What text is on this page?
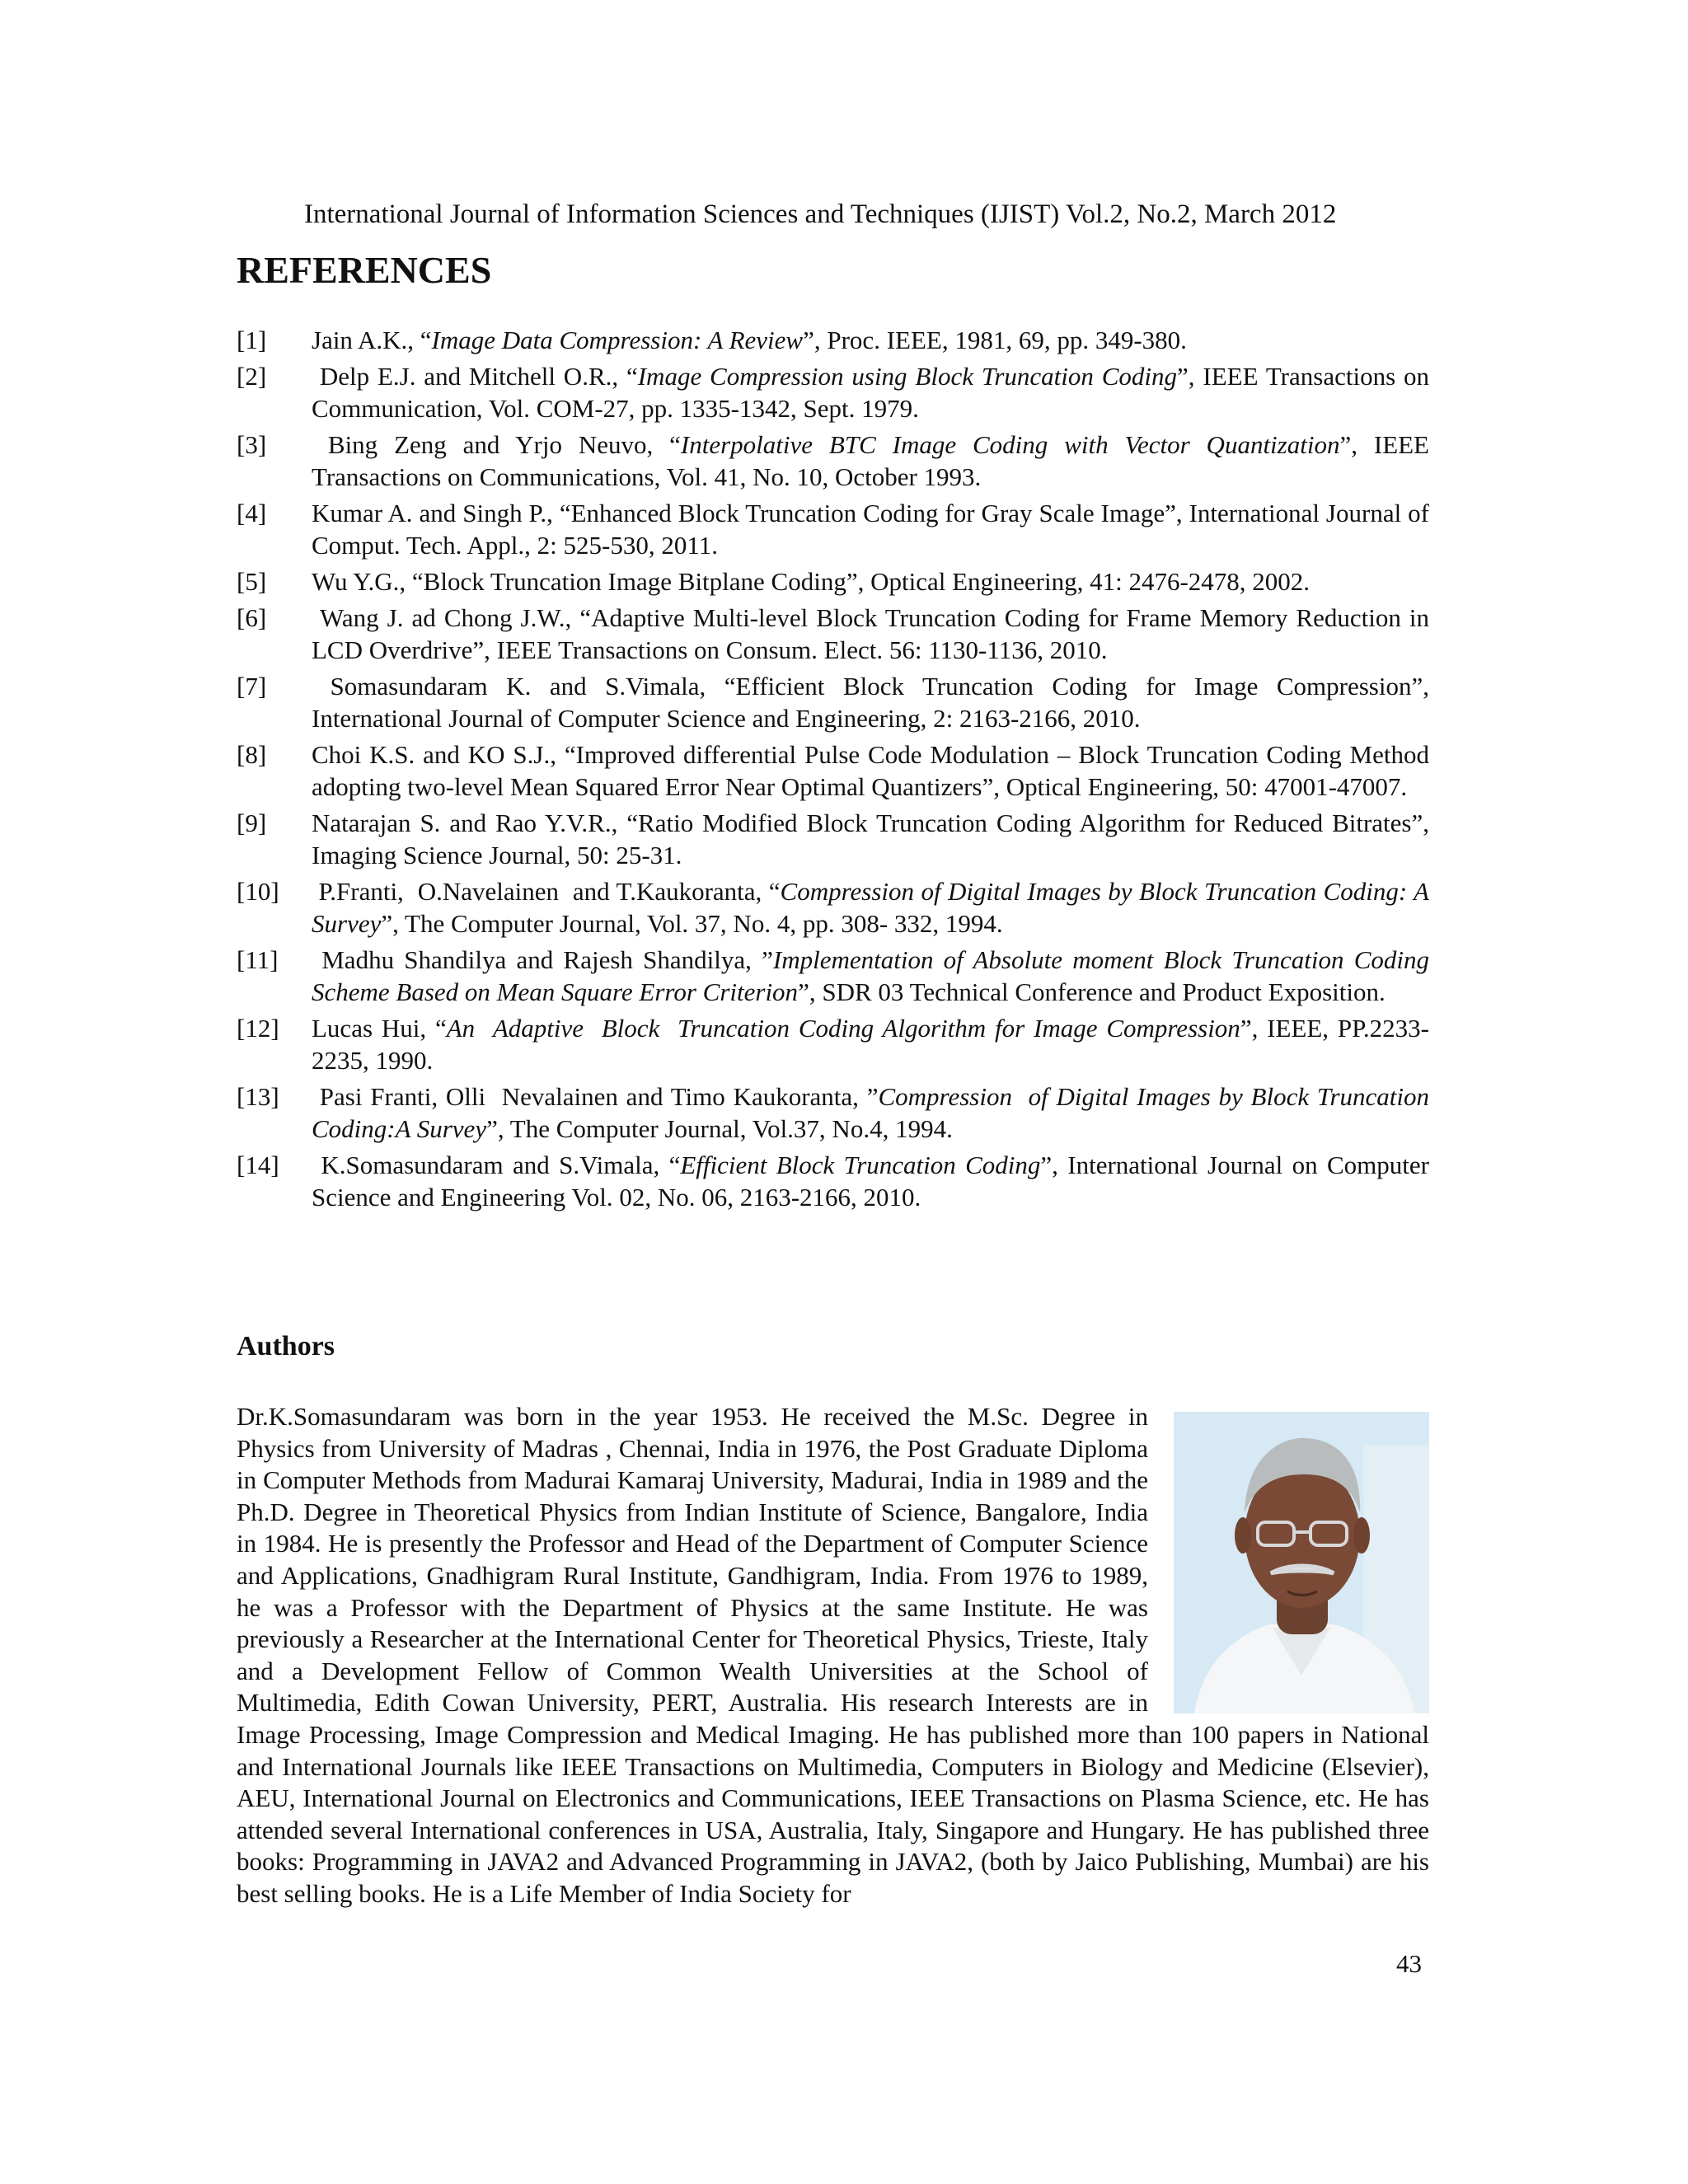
International Journal of Information Sciences and Techniques (IJIST) Vol.2, No.2, March 2012
REFERENCES
[1] Jain A.K., “Image Data Compression: A Review”, Proc. IEEE, 1981, 69, pp. 349-380.
[2] Delp E.J. and Mitchell O.R., “Image Compression using Block Truncation Coding”, IEEE Transactions on Communication, Vol. COM-27, pp. 1335-1342, Sept. 1979.
[3] Bing Zeng and Yrjo Neuvo, “Interpolative BTC Image Coding with Vector Quantization”, IEEE Transactions on Communications, Vol. 41, No. 10, October 1993.
[4] Kumar A. and Singh P., “Enhanced Block Truncation Coding for Gray Scale Image”, International Journal of Comput. Tech. Appl., 2: 525-530, 2011.
[5] Wu Y.G., “Block Truncation Image Bitplane Coding”, Optical Engineering, 41: 2476-2478, 2002.
[6] Wang J. ad Chong J.W., “Adaptive Multi-level Block Truncation Coding for Frame Memory Reduction in LCD Overdrive”, IEEE Transactions on Consum. Elect. 56: 1130-1136, 2010.
[7] Somasundaram K. and S.Vimala, “Efficient Block Truncation Coding for Image Compression”, International Journal of Computer Science and Engineering, 2: 2163-2166, 2010.
[8] Choi K.S. and KO S.J., “Improved differential Pulse Code Modulation – Block Truncation Coding Method adopting two-level Mean Squared Error Near Optimal Quantizers”, Optical Engineering, 50: 47001-47007.
[9] Natarajan S. and Rao Y.V.R., “Ratio Modified Block Truncation Coding Algorithm for Reduced Bitrates”, Imaging Science Journal, 50: 25-31.
[10] P.Franti,  O.Navelainen  and T.Kaukoranta, “Compression of Digital Images by Block Truncation Coding: A Survey”, The Computer Journal, Vol. 37, No. 4, pp. 308- 332, 1994.
[11] Madhu Shandilya and Rajesh Shandilya, ”Implementation of Absolute moment Block Truncation Coding Scheme Based on Mean Square Error Criterion”, SDR 03 Technical Conference and Product Exposition.
[12] Lucas Hui, “An  Adaptive  Block  Truncation Coding Algorithm for Image Compression”, IEEE, PP.2233-2235, 1990.
[13] Pasi Franti, Olli  Nevalainen and Timo Kaukoranta, ”Compression  of Digital Images by Block Truncation Coding:A Survey”, The Computer Journal, Vol.37, No.4, 1994.
[14] K.Somasundaram and S.Vimala, “Efficient Block Truncation Coding”, International Journal on Computer Science and Engineering Vol. 02, No. 06, 2163-2166, 2010.
Authors
Dr.K.Somasundaram was born in the year 1953. He received the M.Sc. Degree in Physics from University of Madras , Chennai, India in 1976, the Post Graduate Diploma in Computer Methods from Madurai Kamaraj University, Madurai, India in 1989 and the Ph.D. Degree in Theoretical Physics from Indian Institute of Science, Bangalore, India in 1984. He is presently the Professor and Head of the Department of Computer Science and Applications, Gnadhigram Rural Institute, Gandhigram, India. From 1976 to 1989, he was a Professor with the Department of Physics at the same Institute. He was previously a Researcher at the International Center for Theoretical Physics, Trieste, Italy and a Development Fellow of Common Wealth Universities at the School of Multimedia, Edith Cowan University, PERT, Australia. His research Interests are in Image Processing, Image Compression and Medical Imaging. He has published more than 100 papers in National and International Journals like IEEE Transactions on Multimedia, Computers in Biology and Medicine (Elsevier), AEU, International Journal on Electronics and Communications, IEEE Transactions on Plasma Science, etc. He has attended several International conferences in USA, Australia, Italy, Singapore and Hungary. He has published three books: Programming in JAVA2 and Advanced Programming in JAVA2, (both by Jaico Publishing, Mumbai) are his best selling books. He is a Life Member of India Society for
43
